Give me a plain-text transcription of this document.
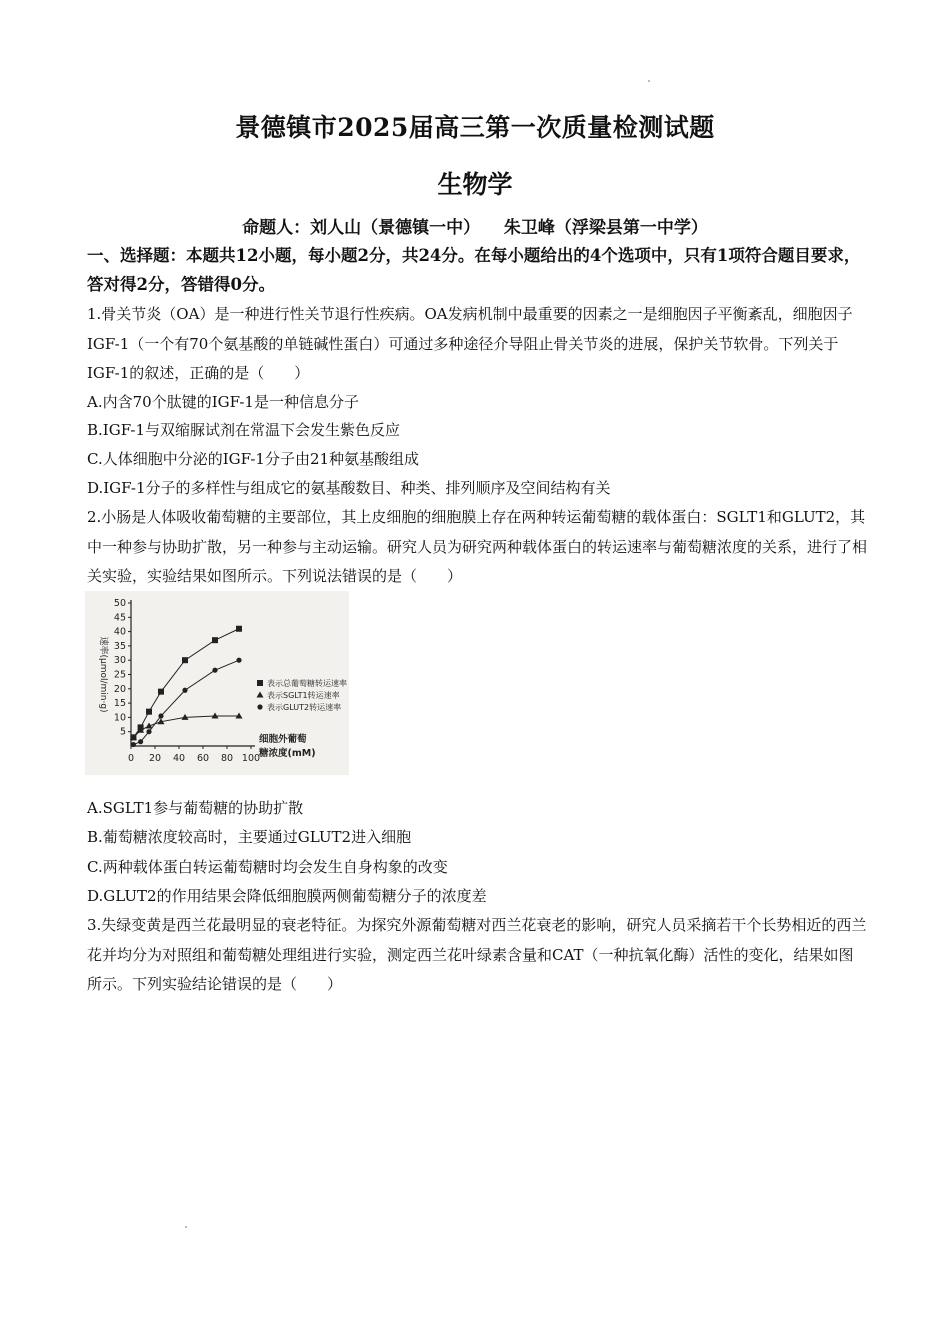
景德镇市2025届高三第一次质量检测试题
生物学
命题人：刘人山（景德镇一中）    朱卫峰（浮梁县第一中学）
一、选择题：本题共12小题，每小题2分，共24分。在每小题给出的4个选项中，只有1项符合题目要求，答对得2分，答错得0分。
1.骨关节炎（OA）是一种进行性关节退行性疾病。OA发病机制中最重要的因素之一是细胞因子平衡紊乱，细胞因子IGF-1（一个有70个氨基酸的单链碱性蛋白）可通过多种途径介导阻止骨关节炎的进展，保护关节软骨。下列关于IGF-1的叙述，正确的是（　　）
A.内含70个肽键的IGF-1是一种信息分子
B.IGF-1与双缩脲试剂在常温下会发生紫色反应
C.人体细胞中分泌的IGF-1分子由21种氨基酸组成
D.IGF-1分子的多样性与组成它的氨基酸数目、种类、排列顺序及空间结构有关
2.小肠是人体吸收葡萄糖的主要部位，其上皮细胞的细胞膜上存在两种转运葡萄糖的载体蛋白：SGLT1和GLUT2，其中一种参与协助扩散，另一种参与主动运输。研究人员为研究两种载体蛋白的转运速率与葡萄糖浓度的关系，进行了相关实验，实验结果如图所示。下列说法错误的是（　　）
5
10
15
20
25
30
35
40
45
50
0 20 40 60 80 100
速率(μmol/min·g)
细胞外葡萄
糖浓度(mM)
表示总葡萄糖转运速率
表示SGLT1转运速率
表示GLUT2转运速率
A.SGLT1参与葡萄糖的协助扩散
B.葡萄糖浓度较高时，主要通过GLUT2进入细胞
C.两种载体蛋白转运葡萄糖时均会发生自身构象的改变
D.GLUT2的作用结果会降低细胞膜两侧葡萄糖分子的浓度差
3.失绿变黄是西兰花最明显的衰老特征。为探究外源葡萄糖对西兰花衰老的影响，研究人员采摘若干个长势相近的西兰花并均分为对照组和葡萄糖处理组进行实验，测定西兰花叶绿素含量和CAT（一种抗氧化酶）活性的变化，结果如图所示。下列实验结论错误的是（　　）
